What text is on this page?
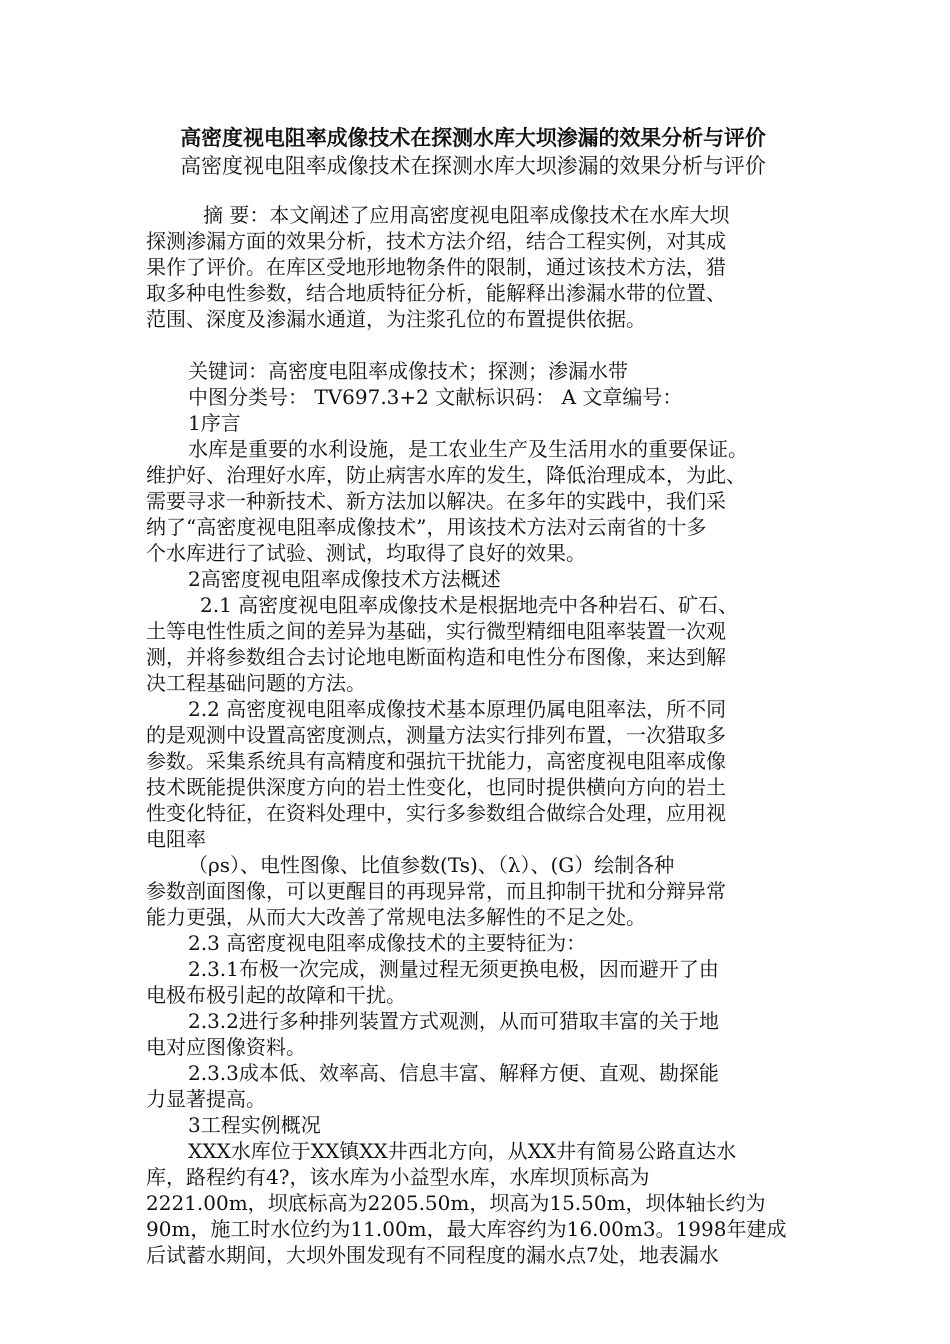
高密度视电阻率成像技术在探测水库大坝渗漏的效果分析与评价
高密度视电阻率成像技术在探测水库大坝渗漏的效果分析与评价
摘 要：本文阐述了应用高密度视电阻率成像技术在水库大坝
探测渗漏方面的效果分析，技术方法介绍，结合工程实例，对其成
果作了评价。在库区受地形地物条件的限制，通过该技术方法，猎
取多种电性参数，结合地质特征分析，能解释出渗漏水带的位置、
范围、深度及渗漏水通道，为注浆孔位的布置提供依据。
关键词：高密度电阻率成像技术；探测；渗漏水带
中图分类号： TV697.3+2 文献标识码： A 文章编号：
1序言
水库是重要的水利设施，是工农业生产及生活用水的重要保证。
维护好、治理好水库，防止病害水库的发生，降低治理成本，为此、
需要寻求一种新技术、新方法加以解决。在多年的实践中，我们采
纳了“高密度视电阻率成像技术”，用该技术方法对云南省的十多
个水库进行了试验、测试，均取得了良好的效果。
2高密度视电阻率成像技术方法概述
2.1 高密度视电阻率成像技术是根据地壳中各种岩石、矿石、
土等电性性质之间的差异为基础，实行微型精细电阻率装置一次观
测，并将参数组合去讨论地电断面构造和电性分布图像，来达到解
决工程基础问题的方法。
2.2 高密度视电阻率成像技术基本原理仍属电阻率法，所不同
的是观测中设置高密度测点，测量方法实行排列布置，一次猎取多
参数。采集系统具有高精度和强抗干扰能力，高密度视电阻率成像
技术既能提供深度方向的岩土性变化，也同时提供横向方向的岩土
性变化特征，在资料处理中，实行多参数组合做综合处理，应用视
电阻率
（ρs）、电性图像、比值参数(Ts)、（λ）、(G）绘制各种
参数剖面图像，可以更醒目的再现异常，而且抑制干扰和分辩异常
能力更强，从而大大改善了常规电法多解性的不足之处。
2.3 高密度视电阻率成像技术的主要特征为：
2.3.1布极一次完成，测量过程无须更换电极，因而避开了由
电极布极引起的故障和干扰。
2.3.2进行多种排列装置方式观测，从而可猎取丰富的关于地
电对应图像资料。
2.3.3成本低、效率高、信息丰富、解释方便、直观、勘探能
力显著提高。
3工程实例概况
XXX水库位于XX镇XX井西北方向，从XX井有简易公路直达水
库，路程约有4?，该水库为小益型水库，水库坝顶标高为
2221.00m，坝底标高为2205.50m，坝高为15.50m，坝体轴长约为
90m，施工时水位约为11.00m，最大库容约为16.00m3。1998年建成
后试蓄水期间，大坝外围发现有不同程度的漏水点7处，地表漏水
